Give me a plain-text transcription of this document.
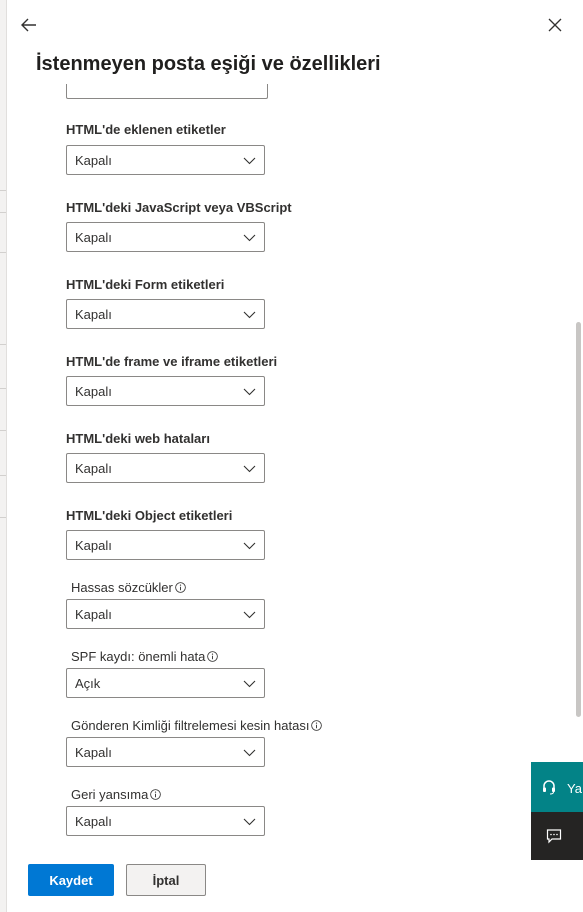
İstenmeyen posta eşiği ve özellikleri
HTML'de eklenen etiketler
Kapalı
HTML'deki JavaScript veya VBScript
Kapalı
HTML'deki Form etiketleri
Kapalı
HTML'de frame ve iframe etiketleri
Kapalı
HTML'deki web hataları
Kapalı
HTML'deki Object etiketleri
Kapalı
Hassas sözcükler
Kapalı
SPF kaydı: önemli hata
Açık
Gönderen Kimliği filtrelemesi kesin hatası
Kapalı
Geri yansıma
Kapalı
Kaydet	İptal
Ya
